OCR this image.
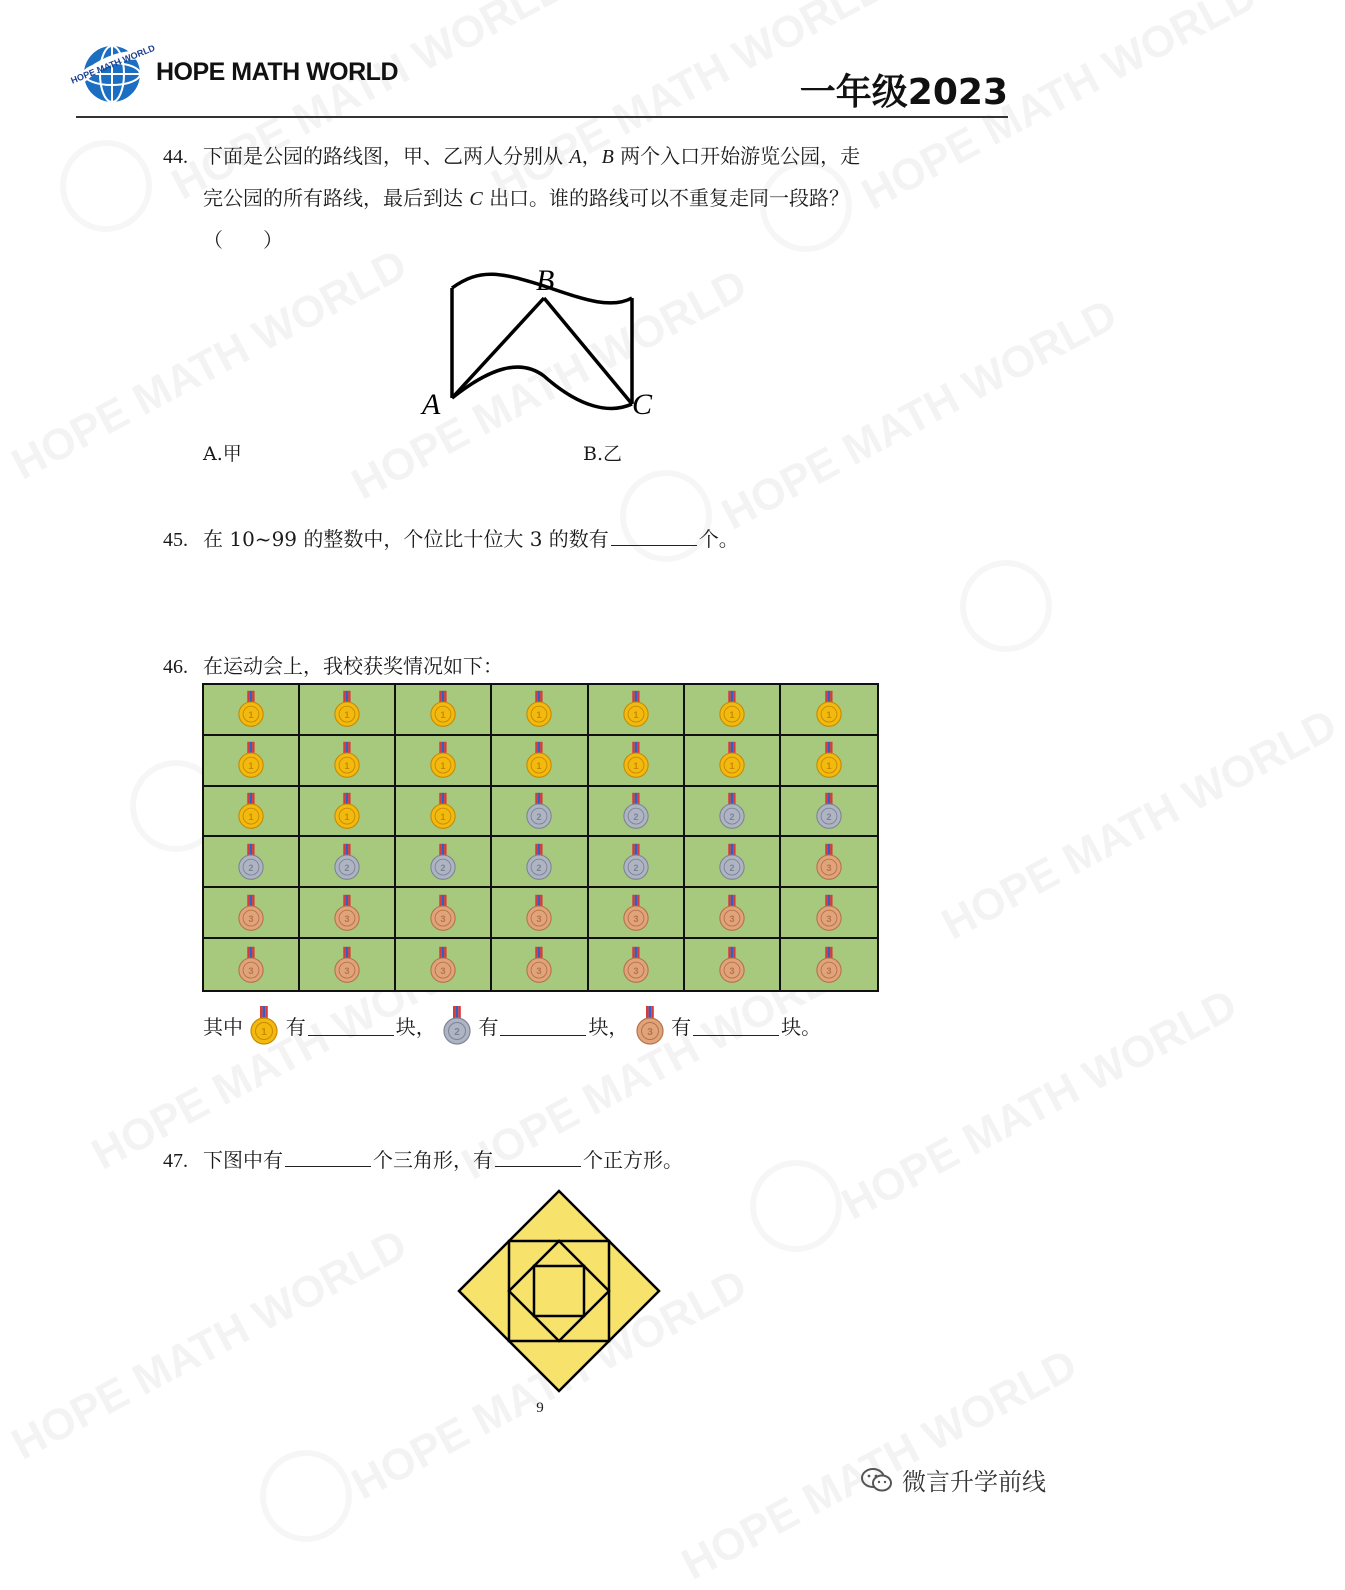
HOPE MATH WORLD HOPE MATH WORLD	一年级2023
44. 下面是公园的路线图，甲、乙两人分别从 A，B 两个入口开始游览公园，走
完公园的所有路线，最后到达 C 出口。谁的路线可以不重复走同一段路？
（　　）
B
A	C
A.甲	B.乙
45. 在 10~99 的整数中，个位比十位大 3 的数有	个。
46. 在运动会上，我校获奖情况如下：
1	1	1	1	1	1	1
1	1	1	1	1	1	1
1	1	1	2	2	2	2
2	2	2	2	2	2	3
3	3	3	3	3	3	3
3	3	3	3	3	3	3
其中 1 有	块， 2 有	块， 3 有	块。
47. 下图中有	个三角形，有	个正方形。
9
微言升学前线
